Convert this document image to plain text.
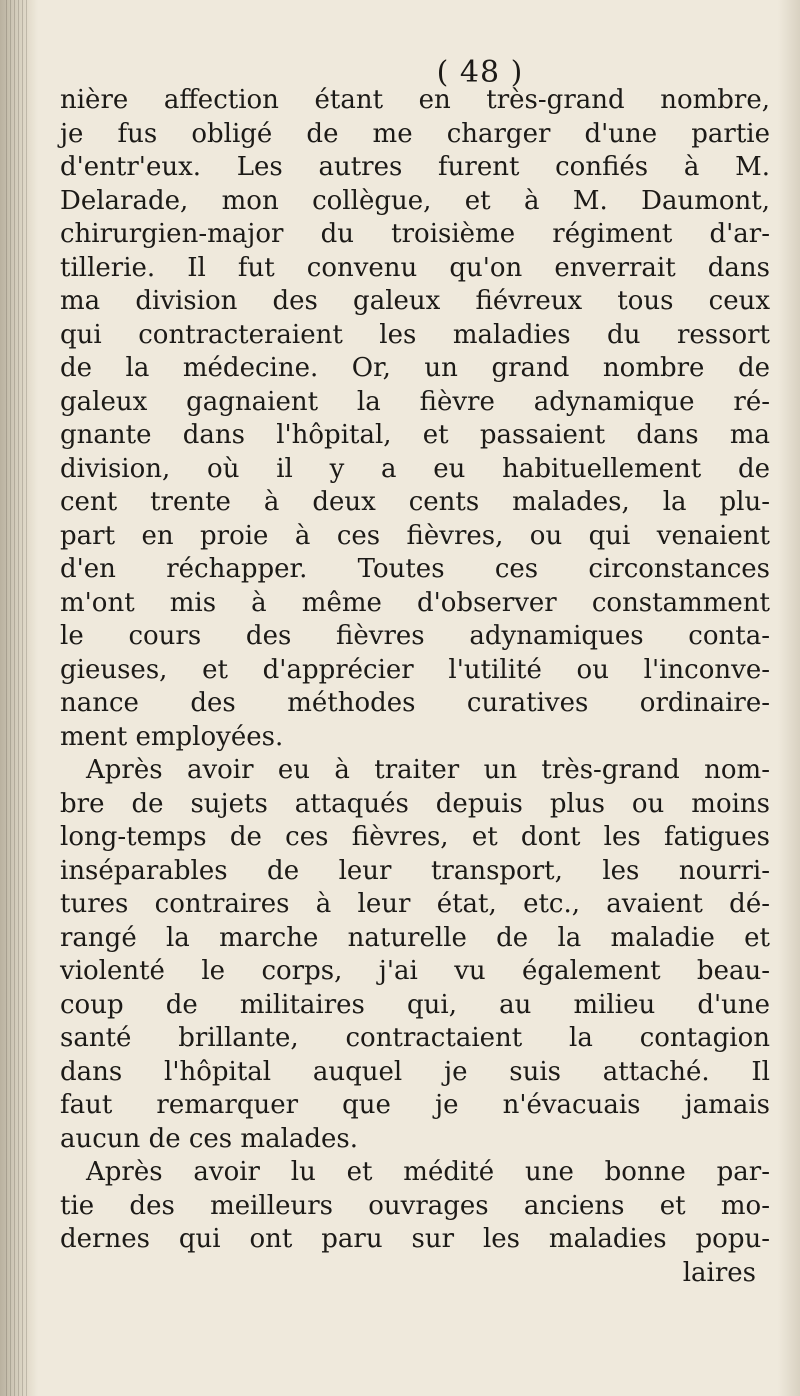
( 48 )
nière affection étant en très-grand nombre,
je fus obligé de me charger d'une partie
d'entr'eux. Les autres furent confiés à M.
Delarade, mon collègue, et à M. Daumont,
chirurgien-major du troisième régiment d'ar-
tillerie. Il fut convenu qu'on enverrait dans
ma division des galeux fiévreux tous ceux
qui contracteraient les maladies du ressort
de la médecine. Or, un grand nombre de
galeux gagnaient la fièvre adynamique ré-
gnante dans l'hôpital, et passaient dans ma
division, où il y a eu habituellement de
cent trente à deux cents malades, la plu-
part en proie à ces fièvres, ou qui venaient
d'en réchapper. Toutes ces circonstances
m'ont mis à même d'observer constamment
le cours des fièvres adynamiques conta-
gieuses, et d'apprécier l'utilité ou l'inconve-
nance des méthodes curatives ordinaire-
ment employées.
Après avoir eu à traiter un très-grand nom-
bre de sujets attaqués depuis plus ou moins
long-temps de ces fièvres, et dont les fatigues
inséparables de leur transport, les nourri-
tures contraires à leur état, etc., avaient dé-
rangé la marche naturelle de la maladie et
violenté le corps, j'ai vu également beau-
coup de militaires qui, au milieu d'une
santé brillante, contractaient la contagion
dans l'hôpital auquel je suis attaché. Il
faut remarquer que je n'évacuais jamais
aucun de ces malades.
Après avoir lu et médité une bonne par-
tie des meilleurs ouvrages anciens et mo-
dernes qui ont paru sur les maladies popu-
laires
